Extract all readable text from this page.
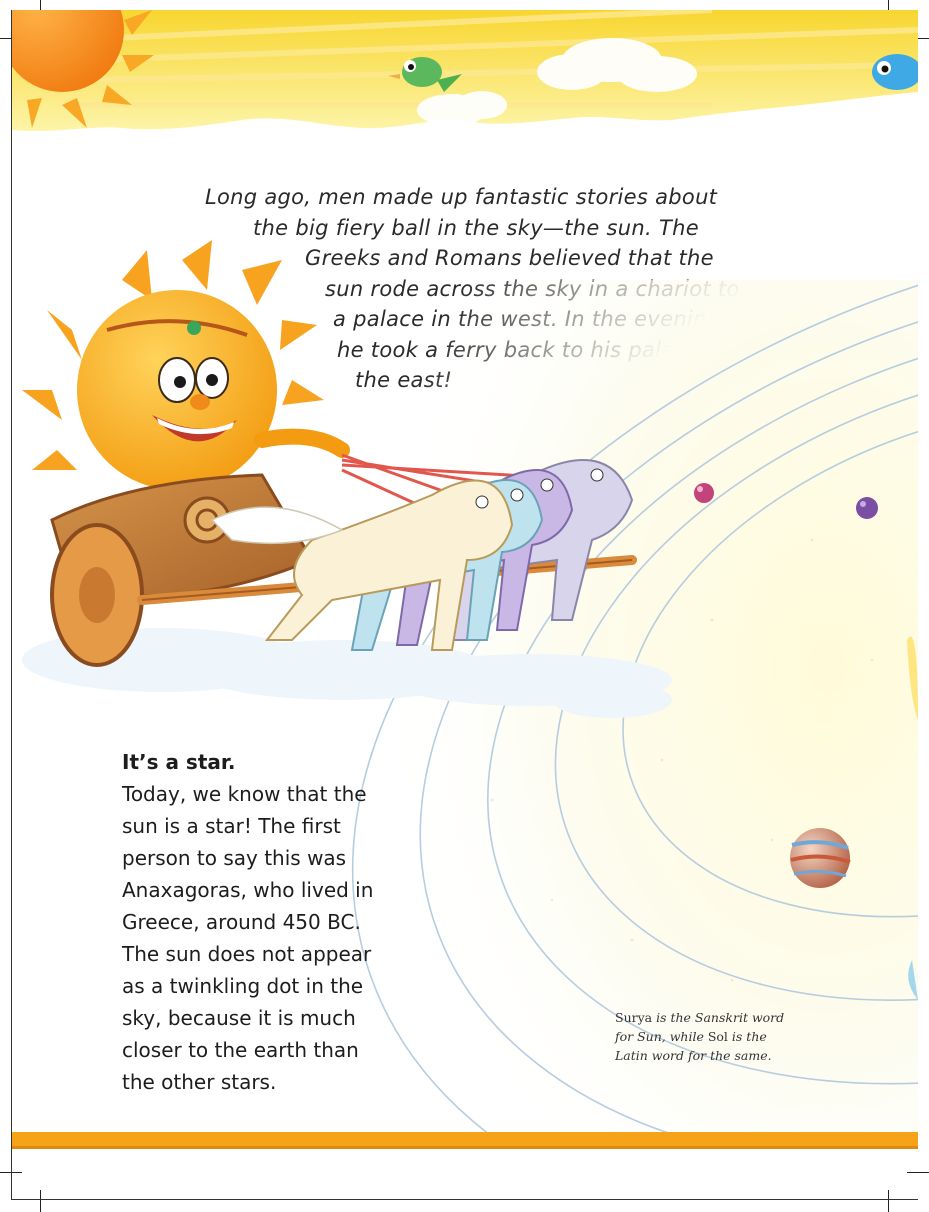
Long ago, men made up fantastic stories about
the big fiery ball in the sky—the sun. The
Greeks and Romans believed that the
It’s a star.
Today, we know that the
sun is a star! The first
person to say this was
Anaxagoras, who lived in
Greece, around 450 BC.
The sun does not appear
as a twinkling dot in the
sky, because it is much
closer to the earth than
the other stars.
Surya is the Sanskrit word
for Sun, while Sol is the
Latin word for the same.
